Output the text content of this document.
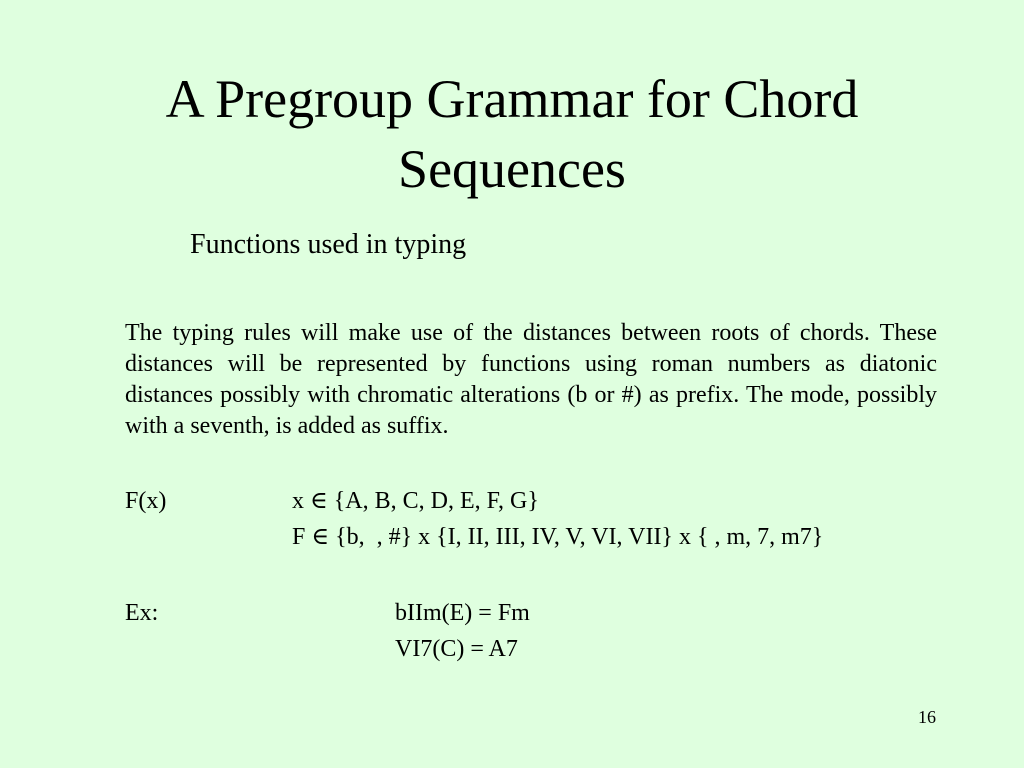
A Pregroup Grammar for Chord
Sequences
Functions used in typing
The typing rules will make use of the distances between roots of chords. These distances will be represented by functions using roman numbers as diatonic distances possibly with chromatic alterations (b or #) as prefix. The mode, possibly with a seventh, is added as suffix.
F(x)	x ∈ {A, B, C, D, E, F, G}
F ∈ {b,  , #} x {I, II, III, IV, V, VI, VII} x { , m, 7, m7}
Ex:	bIIm(E) = Fm
VI7(C) = A7
16
